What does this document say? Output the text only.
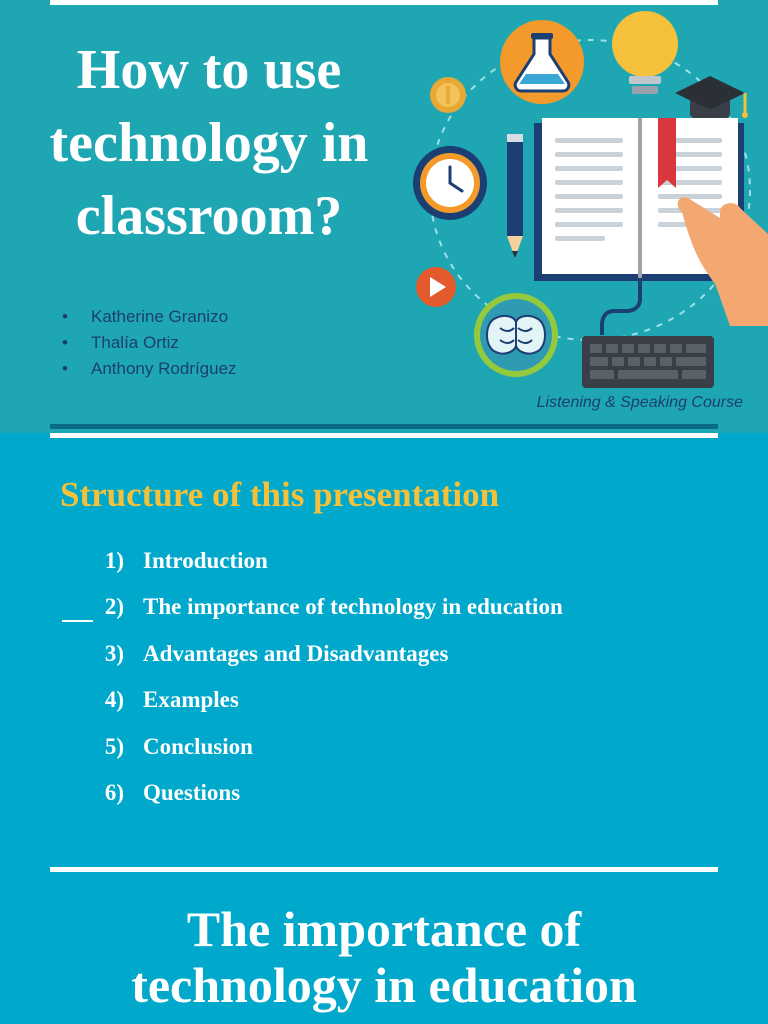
How to use
technology in
classroom?
• Katherine Granizo
• Thalía Ortiz
• Anthony Rodríguez
Listening & Speaking Course
Structure of this presentation
1) Introduction
2) The importance of technology in education
3) Advantages and Disadvantages
4) Examples
5) Conclusion
6) Questions
The importance of
technology in education
